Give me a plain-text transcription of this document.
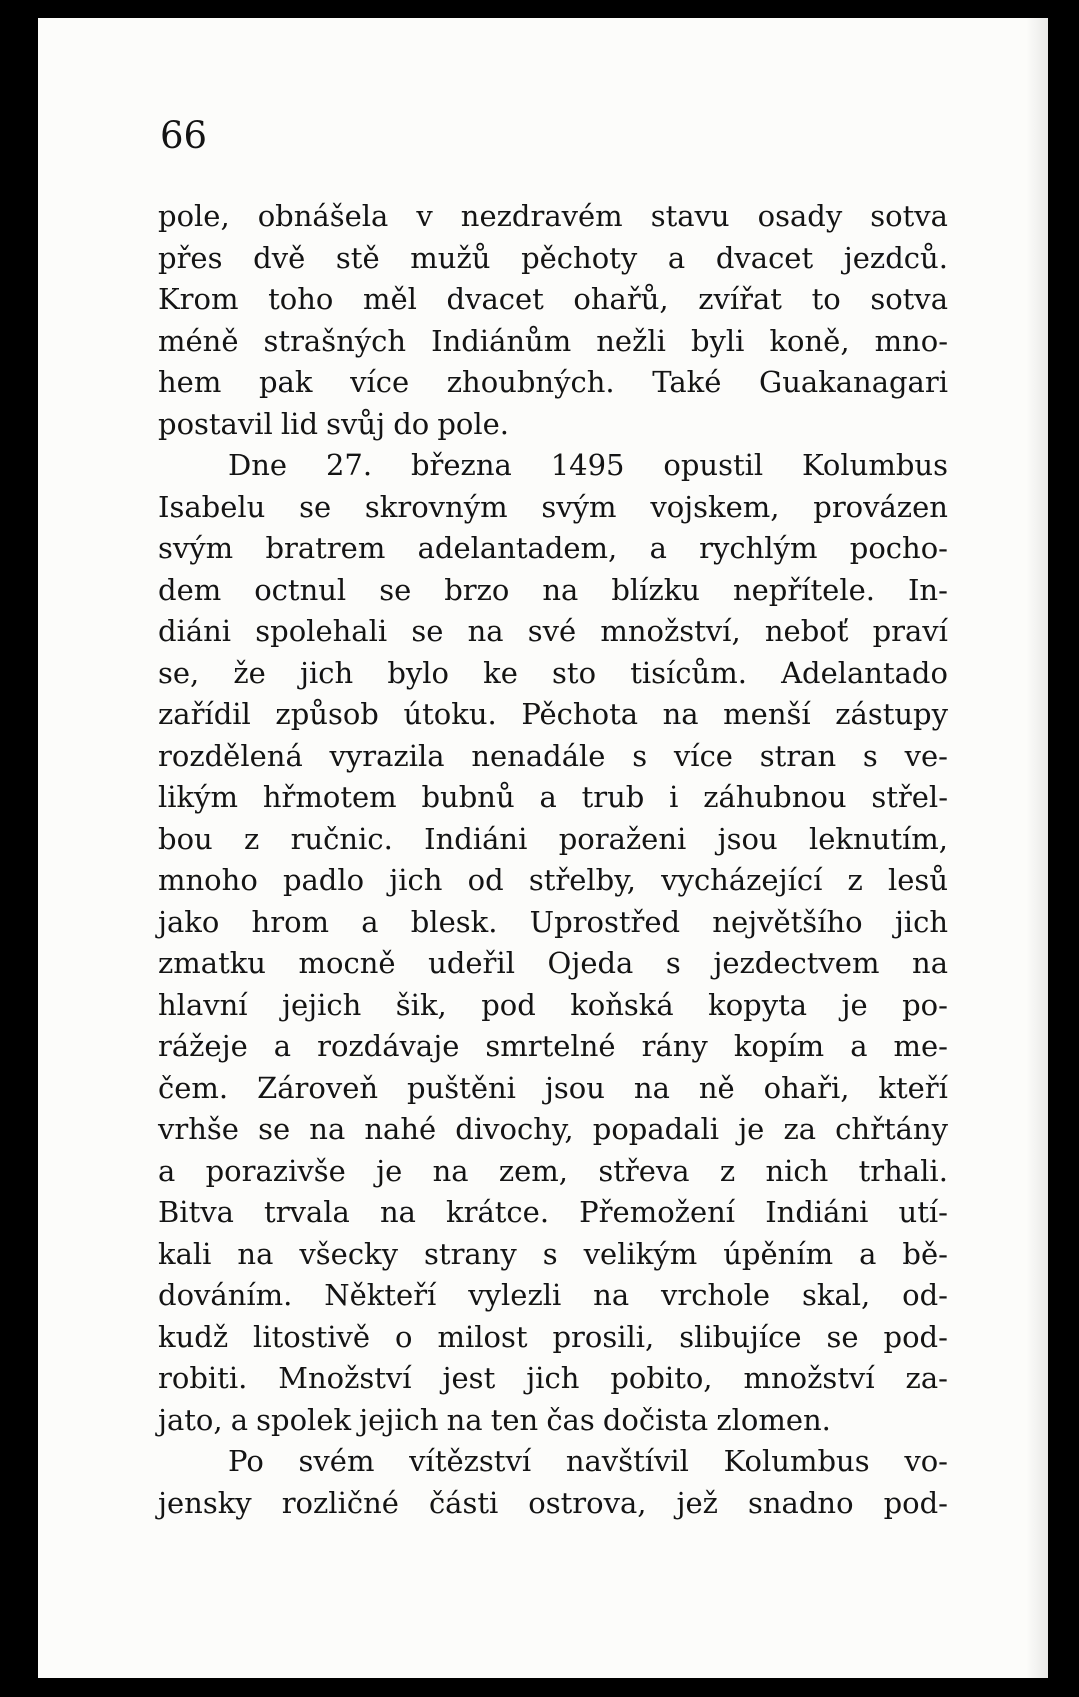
66
pole, obnášela v nezdravém stavu osady sotva
přes dvě stě mužů pěchoty a dvacet jezdců.
Krom toho měl dvacet ohařů, zvířat to sotva
méně strašných Indiánům nežli byli koně, mno-
hem pak více zhoubných. Také Guakanagari
postavil lid svůj do pole.
Dne 27. března 1495 opustil Kolumbus
Isabelu se skrovným svým vojskem, provázen
svým bratrem adelantadem, a rychlým pocho-
dem octnul se brzo na blízku nepřítele. In-
diáni spolehali se na své množství, neboť praví
se, že jich bylo ke sto tisícům. Adelantado
zařídil způsob útoku. Pěchota na menší zástupy
rozdělená vyrazila nenadále s více stran s ve-
likým hřmotem bubnů a trub i záhubnou střel-
bou z ručnic. Indiáni poraženi jsou leknutím,
mnoho padlo jich od střelby, vycházející z lesů
jako hrom a blesk. Uprostřed největšího jich
zmatku mocně udeřil Ojeda s jezdectvem na
hlavní jejich šik, pod koňská kopyta je po-
rážeje a rozdávaje smrtelné rány kopím a me-
čem. Zároveň puštěni jsou na ně ohaři, kteří
vrhše se na nahé divochy, popadali je za chřtány
a porazivše je na zem, střeva z nich trhali.
Bitva trvala na krátce. Přemožení Indiáni utí-
kali na všecky strany s velikým úpěním a bě-
dováním. Někteří vylezli na vrchole skal, od-
kudž litostivě o milost prosili, slibujíce se pod-
robiti. Množství jest jich pobito, množství za-
jato, a spolek jejich na ten čas dočista zlomen.
Po svém vítězství navštívil Kolumbus vo-
jensky rozličné části ostrova, jež snadno pod-
